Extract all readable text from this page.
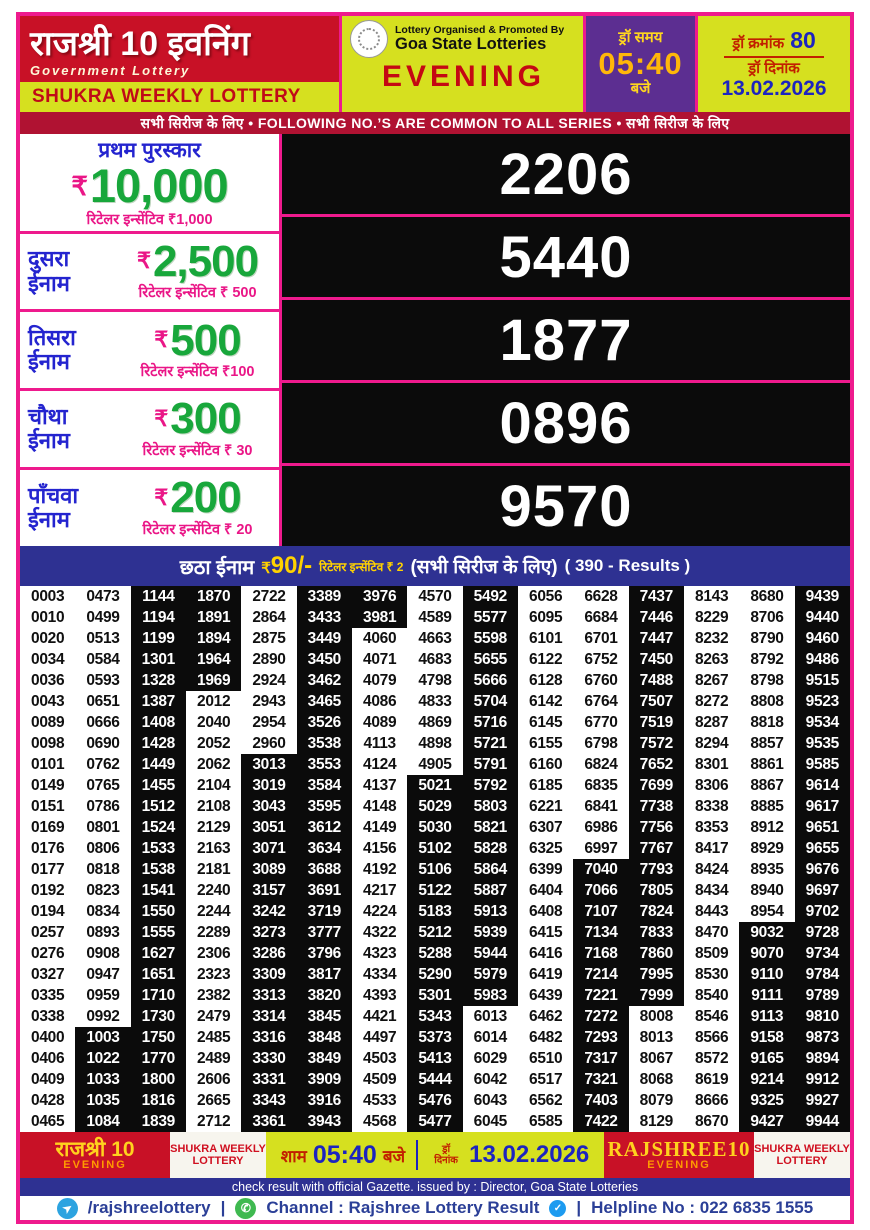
राजश्री 10 इवनिंग
Government Lottery
SHUKRA WEEKLY LOTTERY
Lottery Organised & Promoted By
Goa State Lotteries
EVENING
ड्रॉ समय
05:40
बजे
ड्रॉ क्रमांक 80
ड्रॉ दिनांक
13.02.2026
सभी सिरीज के लिए • FOLLOWING NO.’S ARE COMMON TO ALL SERIES • सभी सिरीज के लिए
प्रथम पुरस्कार
₹ 10,000
रिटेलर इन्सेंटिव ₹1,000
दुसरा
ईनाम
₹ 2,500
रिटेलर इन्सेंटिव ₹ 500
तिसरा
ईनाम
₹ 500
रिटेलर इन्सेंटिव ₹100
चौथा
ईनाम
₹ 300
रिटेलर इन्सेंटिव ₹ 30
पाँचवा
ईनाम
₹ 200
रिटेलर इन्सेंटिव ₹ 20
2206
5440
1877
0896
9570
छठा ईनाम ₹90/- रिटेलर इन्सेंटिव ₹ 2 (सभी सिरीज के लिए) ( 390 - Results )
0003	0473	1144	1870	2722	3389	3976	4570	5492	6056	6628	7437	8143	8680	9439
0010	0499	1194	1891	2864	3433	3981	4589	5577	6095	6684	7446	8229	8706	9440
0020	0513	1199	1894	2875	3449	4060	4663	5598	6101	6701	7447	8232	8790	9460
0034	0584	1301	1964	2890	3450	4071	4683	5655	6122	6752	7450	8263	8792	9486
0036	0593	1328	1969	2924	3462	4079	4798	5666	6128	6760	7488	8267	8798	9515
0043	0651	1387	2012	2943	3465	4086	4833	5704	6142	6764	7507	8272	8808	9523
0089	0666	1408	2040	2954	3526	4089	4869	5716	6145	6770	7519	8287	8818	9534
0098	0690	1428	2052	2960	3538	4113	4898	5721	6155	6798	7572	8294	8857	9535
0101	0762	1449	2062	3013	3553	4124	4905	5791	6160	6824	7652	8301	8861	9585
0149	0765	1455	2104	3019	3584	4137	5021	5792	6185	6835	7699	8306	8867	9614
0151	0786	1512	2108	3043	3595	4148	5029	5803	6221	6841	7738	8338	8885	9617
0169	0801	1524	2129	3051	3612	4149	5030	5821	6307	6986	7756	8353	8912	9651
0176	0806	1533	2163	3071	3634	4156	5102	5828	6325	6997	7767	8417	8929	9655
0177	0818	1538	2181	3089	3688	4192	5106	5864	6399	7040	7793	8424	8935	9676
0192	0823	1541	2240	3157	3691	4217	5122	5887	6404	7066	7805	8434	8940	9697
0194	0834	1550	2244	3242	3719	4224	5183	5913	6408	7107	7824	8443	8954	9702
0257	0893	1555	2289	3273	3777	4322	5212	5939	6415	7134	7833	8470	9032	9728
0276	0908	1627	2306	3286	3796	4323	5288	5944	6416	7168	7860	8509	9070	9734
0327	0947	1651	2323	3309	3817	4334	5290	5979	6419	7214	7995	8530	9110	9784
0335	0959	1710	2382	3313	3820	4393	5301	5983	6439	7221	7999	8540	9111	9789
0338	0992	1730	2479	3314	3845	4421	5343	6013	6462	7272	8008	8546	9113	9810
0400	1003	1750	2485	3316	3848	4497	5373	6014	6482	7293	8013	8566	9158	9873
0406	1022	1770	2489	3330	3849	4503	5413	6029	6510	7317	8067	8572	9165	9894
0409	1033	1800	2606	3331	3909	4509	5444	6042	6517	7321	8068	8619	9214	9912
0428	1035	1816	2665	3343	3916	4533	5476	6043	6562	7403	8079	8666	9325	9927
0465	1084	1839	2712	3361	3943	4568	5477	6045	6585	7422	8129	8670	9427	9944
राजश्री 10
EVENING
SHUKRA WEEKLY LOTTERY	शाम 05:40 बजे	ड्रॉ दिनांक 13.02.2026 RAJSHREE10
EVENING
SHUKRA WEEKLY LOTTERY
check result with official Gazette. issued by : Director, Goa State Lotteries
➤ /rajshreelottery | ✆ Channel : Rajshree Lottery Result ✓ | Helpline No : 022 6835 1555
